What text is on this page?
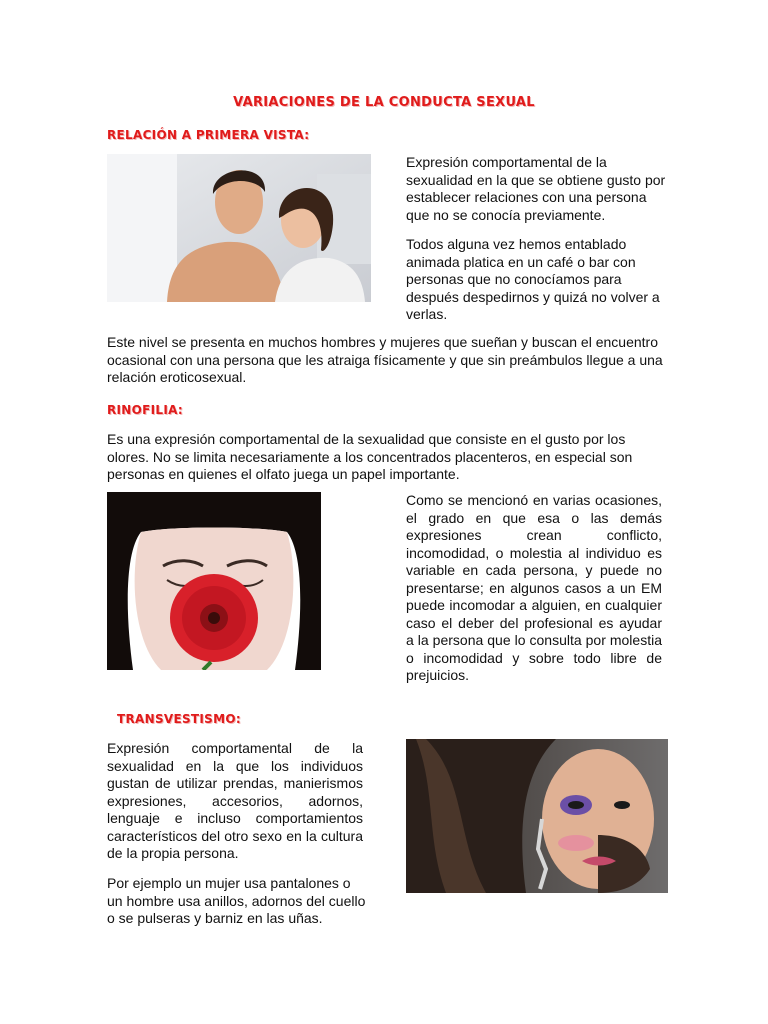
VARIACIONES DE LA CONDUCTA SEXUAL
RELACIÓN A PRIMERA VISTA:
Expresión comportamental de la sexualidad en la que se obtiene gusto por establecer relaciones con una persona que no se conocía previamente.
Todos alguna vez hemos entablado animada platica en un café o bar con personas que no conocíamos para después despedirnos y quizá no volver a verlas.
Este nivel se presenta en muchos hombres y mujeres que sueñan y buscan el encuentro ocasional con una persona que les atraiga físicamente y que sin preámbulos llegue a una relación eroticosexual.
RINOFILIA:
Es una expresión comportamental de la sexualidad que consiste en el gusto por los olores. No se limita necesariamente a los concentrados placenteros, en especial son personas en quienes el olfato juega un papel importante.
Como se mencionó en varias ocasiones, el grado en que esa o las demás expresiones crean conflicto, incomodidad, o molestia al individuo es variable en cada persona, y puede no presentarse; en algunos casos a un EM puede incomodar a alguien, en cualquier caso el deber del profesional es ayudar a la persona que lo consulta por molestia o incomodidad y sobre todo libre de prejuicios.
TRANSVESTISMO:
Expresión comportamental de la sexualidad en la que los individuos gustan de utilizar prendas, manierismos expresiones, accesorios, adornos, lenguaje e incluso comportamientos característicos del otro sexo en la cultura de la propia persona.
Por ejemplo un mujer usa pantalones o un hombre usa anillos, adornos del cuello o se pulseras y barniz en las uñas.
